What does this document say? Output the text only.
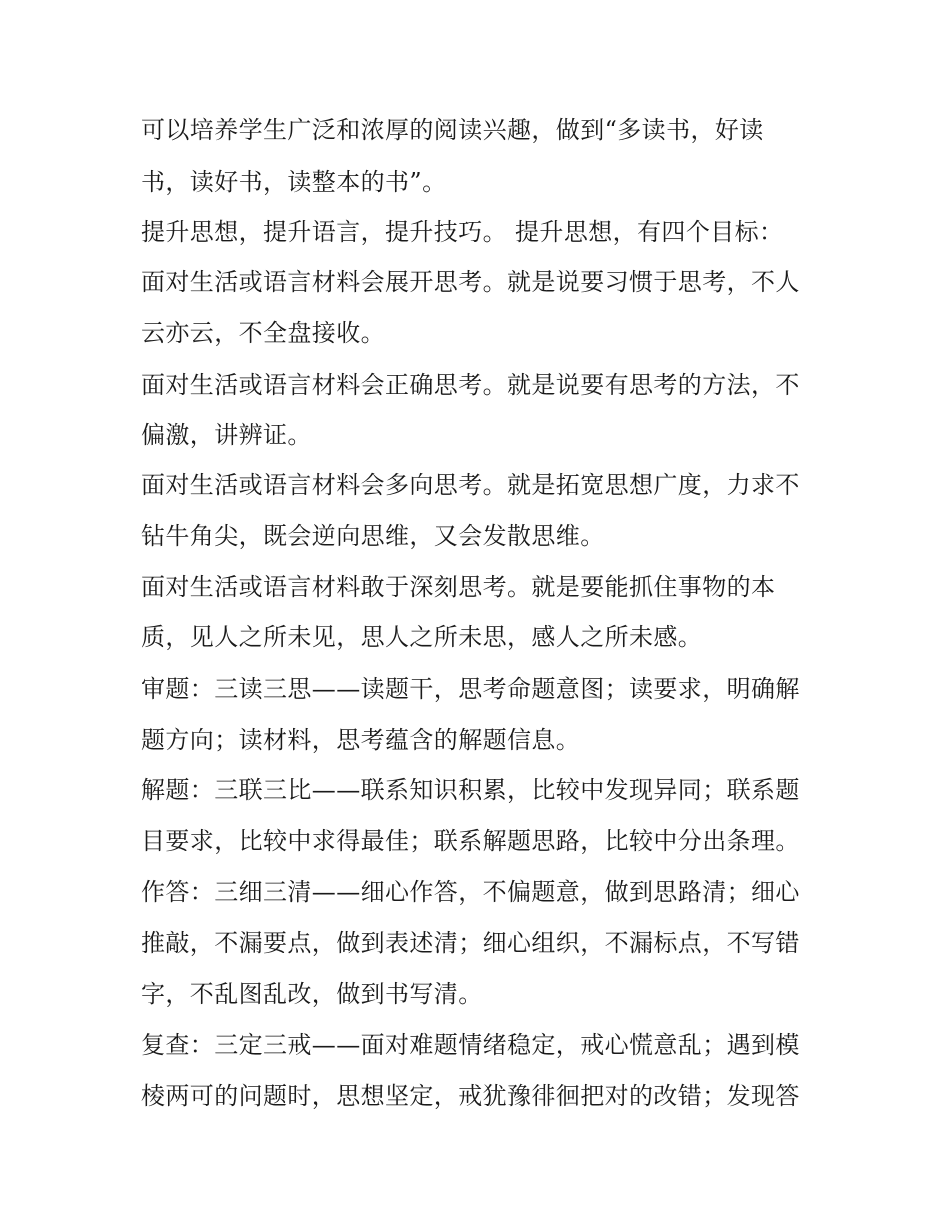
可以培养学生广泛和浓厚的阅读兴趣，做到“多读书，好读
书，读好书，读整本的书”。
提升思想，提升语言，提升技巧。 提升思想，有四个目标：
面对生活或语言材料会展开思考。就是说要习惯于思考，不人
云亦云，不全盘接收。
面对生活或语言材料会正确思考。就是说要有思考的方法，不
偏激，讲辨证。
面对生活或语言材料会多向思考。就是拓宽思想广度，力求不
钻牛角尖，既会逆向思维，又会发散思维。
面对生活或语言材料敢于深刻思考。就是要能抓住事物的本
质，见人之所未见，思人之所未思，感人之所未感。
审题：三读三思——读题干，思考命题意图；读要求，明确解
题方向；读材料，思考蕴含的解题信息。
解题：三联三比——联系知识积累，比较中发现异同；联系题
目要求，比较中求得最佳；联系解题思路，比较中分出条理。
作答：三细三清——细心作答，不偏题意，做到思路清；细心
推敲，不漏要点，做到表述清；细心组织，不漏标点，不写错
字，不乱图乱改，做到书写清。
复查：三定三戒——面对难题情绪稳定，戒心慌意乱；遇到模
棱两可的问题时，思想坚定，戒犹豫徘徊把对的改错；发现答
